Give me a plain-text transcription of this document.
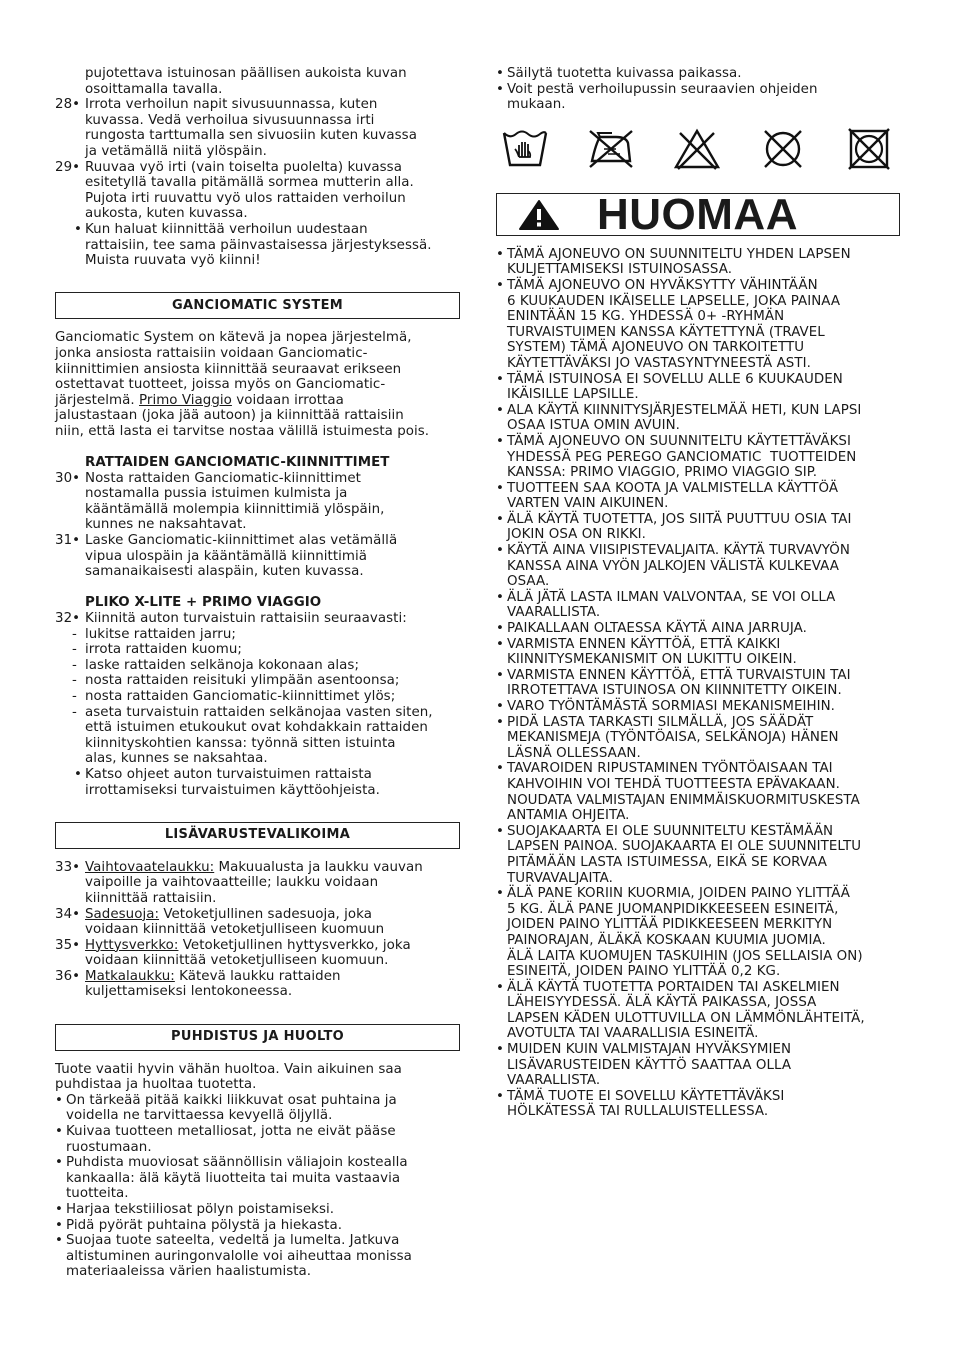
pujotettava istuinosan päällisen aukoista kuvan
osoittamalla tavalla.
28• Irrota verhoilun napit sivusuunnassa, kuten
kuvassa. Vedä verhoilua sivusuunnassa irti
rungosta tarttumalla sen sivuosiin kuten kuvassa
ja vetämällä niitä ylöspäin.
29• Ruuvaa vyö irti (vain toiselta puolelta) kuvassa
esitetyllä tavalla pitämällä sormea mutterin alla.
Pujota irti ruuvattu vyö ulos rattaiden verhoilun
aukosta, kuten kuvassa.
• Kun haluat kiinnittää verhoilun uudestaan
rattaisiin, tee sama päinvastaisessa järjestyksessä.
Muista ruuvata vyö kiinni!
GANCIOMATIC SYSTEM
Ganciomatic System on kätevä ja nopea järjestelmä,
jonka ansiosta rattaisiin voidaan Ganciomatic-
kiinnittimien ansiosta kiinnittää seuraavat erikseen
ostettavat tuotteet, joissa myös on Ganciomatic-
järjestelmä. Primo Viaggio voidaan irrottaa
jalustastaan (joka jää autoon) ja kiinnittää rattaisiin
niin, että lasta ei tarvitse nostaa välillä istuimesta pois.
RATTAIDEN GANCIOMATIC-KIINNITTIMET
30• Nosta rattaiden Ganciomatic-kiinnittimet
nostamalla pussia istuimen kulmista ja
kääntämällä molempia kiinnittimiä ylöspäin,
kunnes ne naksahtavat.
31• Laske Ganciomatic-kiinnittimet alas vetämällä
vipua ulospäin ja kääntämällä kiinnittimiä
samanaikaisesti alaspäin, kuten kuvassa.
PLIKO X-LITE + PRIMO VIAGGIO
32• Kiinnitä auton turvaistuin rattaisiin seuraavasti:
- lukitse rattaiden jarru;
- irrota rattaiden kuomu;
- laske rattaiden selkänoja kokonaan alas;
- nosta rattaiden reisituki ylimpään asentoonsa;
- nosta rattaiden Ganciomatic-kiinnittimet ylös;
- aseta turvaistuin rattaiden selkänojaa vasten siten,
että istuimen etukoukut ovat kohdakkain rattaiden
kiinnityskohtien kanssa: työnnä sitten istuinta
alas, kunnes se naksahtaa.
• Katso ohjeet auton turvaistuimen rattaista
irrottamiseksi turvaistuimen käyttöohjeista.
LISÄVARUSTEVALIKOIMA
33• Vaihtovaatelaukku: Makuualusta ja laukku vauvan
vaipoille ja vaihtovaatteille; laukku voidaan
kiinnittää rattaisiin.
34• Sadesuoja: Vetoketjullinen sadesuoja, joka
voidaan kiinnittää vetoketjulliseen kuomuun
35• Hyttysverkko: Vetoketjullinen hyttysverkko, joka
voidaan kiinnittää vetoketjulliseen kuomuun.
36• Matkalaukku: Kätevä laukku rattaiden
kuljettamiseksi lentokoneessa.
PUHDISTUS JA HUOLTO
Tuote vaatii hyvin vähän huoltoa. Vain aikuinen saa
puhdistaa ja huoltaa tuotetta.
• On tärkeää pitää kaikki liikkuvat osat puhtaina ja
voidella ne tarvittaessa kevyellä öljyllä.
• Kuivaa tuotteen metalliosat, jotta ne eivät pääse
ruostumaan.
• Puhdista muoviosat säännöllisin väliajoin kostealla
kankaalla: älä käytä liuotteita tai muita vastaavia
tuotteita.
• Harjaa tekstiiliosat pölyn poistamiseksi.
• Pidä pyörät puhtaina pölystä ja hiekasta.
• Suojaa tuote sateelta, vedeltä ja lumelta. Jatkuva
altistuminen auringonvalolle voi aiheuttaa monissa
materiaaleissa värien haalistumista.
• Säilytä tuotetta kuivassa paikassa.
• Voit pestä verhoilupussin seuraavien ohjeiden
mukaan.
HUOMAA
• TÄMÄ AJONEUVO ON SUUNNITELTU YHDEN LAPSEN
KULJETTAMISEKSI ISTUINOSASSA.
• TÄMÄ AJONEUVO ON HYVÄKSYTTY VÄHINTÄÄN
6 KUUKAUDEN IKÄISELLE LAPSELLE, JOKA PAINAA
ENINTÄÄN 15 KG. YHDESSÄ 0+ -RYHMÄN
TURVAISTUIMEN KANSSA KÄYTETTYNÄ (TRAVEL
SYSTEM) TÄMÄ AJONEUVO ON TARKOITETTU
KÄYTETTÄVÄKSI JO VASTASYNTYNEESTÄ ASTI.
• TÄMÄ ISTUINOSA EI SOVELLU ALLE 6 KUUKAUDEN
IKÄISILLE LAPSILLE.
• ALA KÄYTÄ KIINNITYSJÄRJESTELMÄÄ HETI, KUN LAPSI
OSAA ISTUA OMIN AVUIN.
• TÄMÄ AJONEUVO ON SUUNNITELTU KÄYTETTÄVÄKSI
YHDESSÄ PEG PEREGO GANCIOMATIC  TUOTTEIDEN
KANSSA: PRIMO VIAGGIO, PRIMO VIAGGIO SIP.
• TUOTTEEN SAA KOOTA JA VALMISTELLA KÄYTTÖÄ
VARTEN VAIN AIKUINEN.
• ÄLÄ KÄYTÄ TUOTETTA, JOS SIITÄ PUUTTUU OSIA TAI
JOKIN OSA ON RIKKI.
• KÄYTÄ AINA VIISIPISTEVALJAITA. KÄYTÄ TURVAVYÖN
KANSSA AINA VYÖN JALKOJEN VÄLISTÄ KULKEVAA
OSAA.
• ÄLÄ JÄTÄ LASTA ILMAN VALVONTAA, SE VOI OLLA
VAARALLISTA.
• PAIKALLAAN OLTAESSA KÄYTÄ AINA JARRUJA.
• VARMISTA ENNEN KÄYTTÖÄ, ETTÄ KAIKKI
KIINNITYSMEKANISMIT ON LUKITTU OIKEIN.
• VARMISTA ENNEN KÄYTTÖÄ, ETTÄ TURVAISTUIN TAI
IRROTETTAVA ISTUINOSA ON KIINNITETTY OIKEIN.
• VARO TYÖNTÄMÄSTÄ SORMIASI MEKANISMEIHIN.
• PIDÄ LASTA TARKASTI SILMÄLLÄ, JOS SÄÄDÄT
MEKANISMEJA (TYÖNTÖAISA, SELKÄNOJA) HÄNEN
LÄSNÄ OLLESSAAN.
• TAVAROIDEN RIPUSTAMINEN TYÖNTÖAISAAN TAI
KAHVOIHIN VOI TEHDÄ TUOTTEESTA EPÄVAKAAN.
NOUDATA VALMISTAJAN ENIMMÄISKUORMITUSKESTA
ANTAMIA OHJEITA.
• SUOJAKAARTA EI OLE SUUNNITELTU KESTÄMÄÄN
LAPSEN PAINOA. SUOJAKAARTA EI OLE SUUNNITELTU
PITÄMÄÄN LASTA ISTUIMESSA, EIKÄ SE KORVAA
TURVAVALJAITA.
• ÄLÄ PANE KORIIN KUORMIA, JOIDEN PAINO YLITTÄÄ
5 KG. ÄLÄ PANE JUOMANPIDIKKEESEEN ESINEITÄ,
JOIDEN PAINO YLITTÄÄ PIDIKKEESEEN MERKITYN
PAINORAJAN, ÄLÄKÄ KOSKAAN KUUMIA JUOMIA.
ÄLÄ LAITA KUOMUJEN TASKUIHIN (JOS SELLAISIA ON)
ESINEITÄ, JOIDEN PAINO YLITTÄÄ 0,2 KG.
• ÄLÄ KÄYTÄ TUOTETTA PORTAIDEN TAI ASKELMIEN
LÄHEISYYDESSÄ. ÄLÄ KÄYTÄ PAIKASSA, JOSSA
LAPSEN KÄDEN ULOTTUVILLA ON LÄMMÖNLÄHTEITÄ,
AVOTULTA TAI VAARALLISIA ESINEITÄ.
• MUIDEN KUIN VALMISTAJAN HYVÄKSYMIEN
LISÄVARUSTEIDEN KÄYTTÖ SAATTAA OLLA
VAARALLISTA.
• TÄMÄ TUOTE EI SOVELLU KÄYTETTÄVÄKSI
HÖLKÄTESSÄ TAI RULLALUISTELLESSA.
